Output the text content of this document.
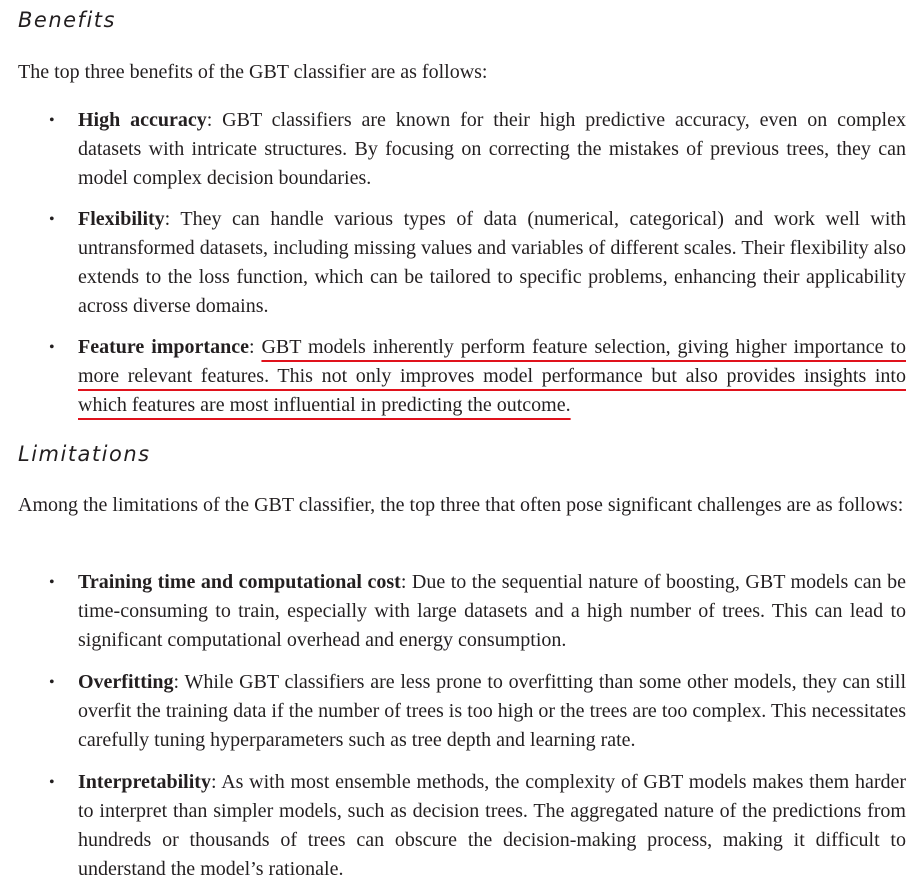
Benefits

The top three benefits of the GBT classifier are as follows:

• High accuracy: GBT classifiers are known for their high predictive accuracy, even on complex datasets with intricate structures. By focusing on correcting the mistakes of previous trees, they can model complex decision boundaries.
• Flexibility: They can handle various types of data (numerical, categorical) and work well with untransformed datasets, including missing values and variables of different scales. Their flexibility also extends to the loss function, which can be tailored to specific problems, enhancing their applicability across diverse domains.
• Feature importance: GBT models inherently perform feature selection, giving higher importance to more relevant features. This not only improves model performance but also provides insights into which features are most influential in predicting the outcome.
Limitations

Among the limitations of the GBT classifier, the top three that often pose significant challenges are as follows:

• Training time and computational cost: Due to the sequential nature of boosting, GBT models can be time-consuming to train, especially with large datasets and a high number of trees. This can lead to significant computational overhead and energy consumption.
• Overfitting: While GBT classifiers are less prone to overfitting than some other models, they can still overfit the training data if the number of trees is too high or the trees are too complex. This necessitates carefully tuning hyperparameters such as tree depth and learning rate.
• Interpretability: As with most ensemble methods, the complexity of GBT models makes them harder to interpret than simpler models, such as decision trees. The aggregated nature of the predictions from hundreds or thousands of trees can obscure the decision-making process, making it difficult to understand the model’s rationale.
